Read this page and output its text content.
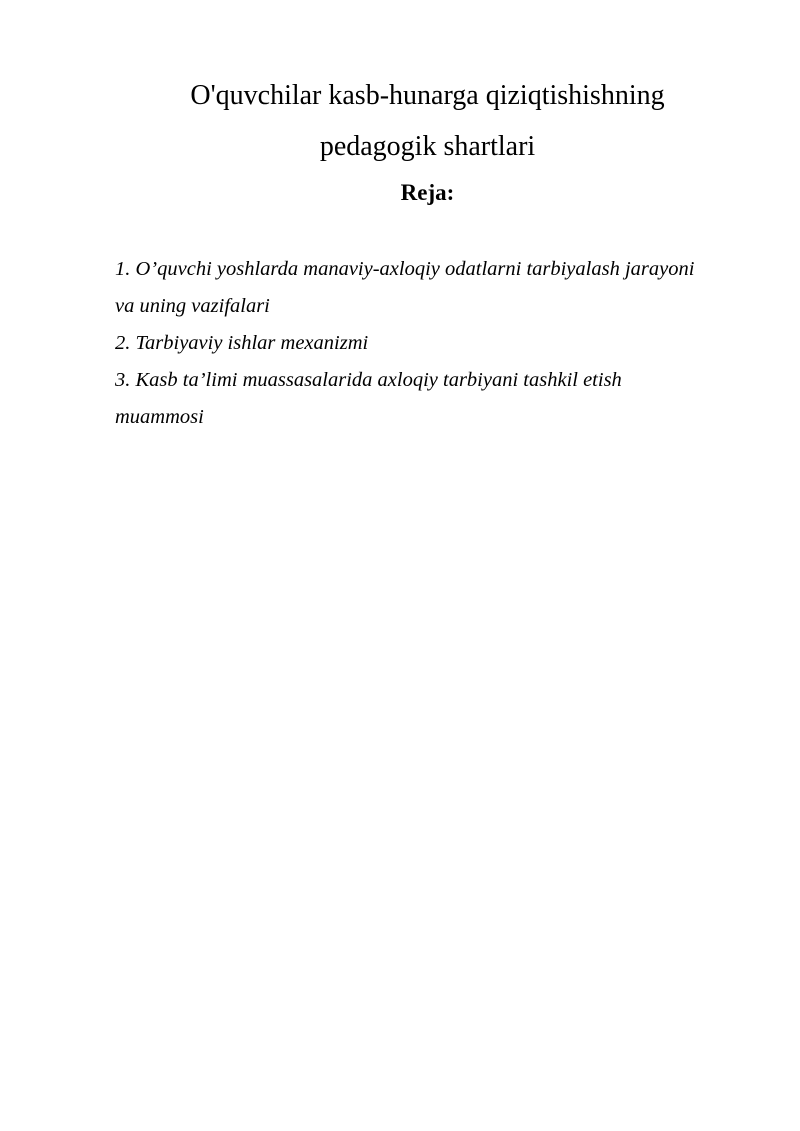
O'quvchilar kasb-hunarga qiziqtishishning
pedagogik shartlari
Reja:
1. O’quvchi yoshlarda manaviy-axloqiy odatlarni tarbiyalash jarayoni
va uning vazifalari
2. Tarbiyaviy ishlar mexanizmi
3. Kasb ta’limi muassasalarida axloqiy tarbiyani tashkil etish
muammosi
